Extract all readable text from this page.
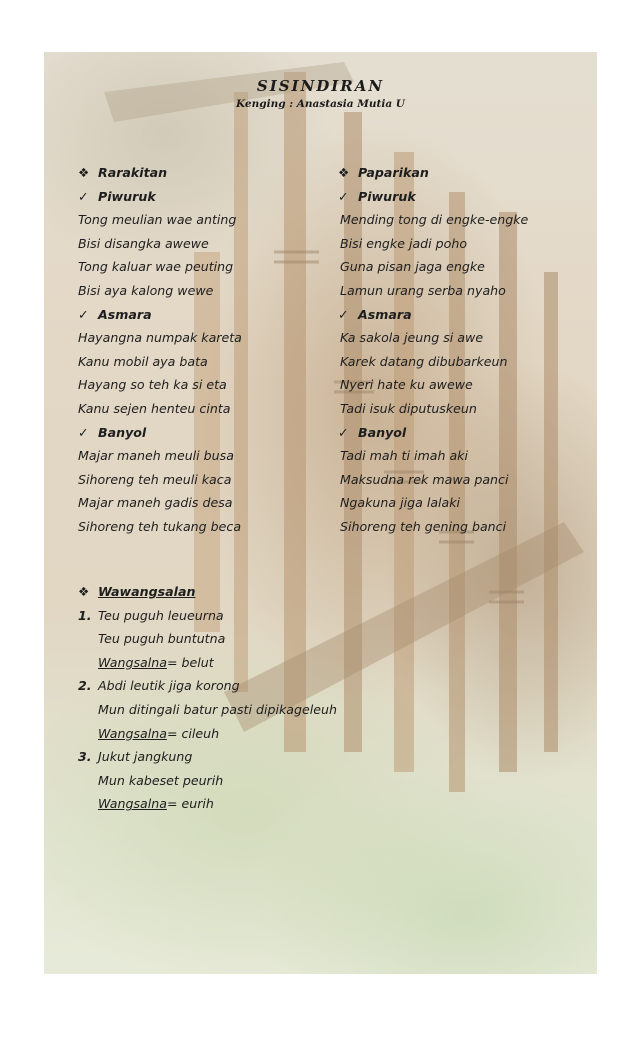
SISINDIRAN
Kenging : Anastasia Mutia U
❖ Rarakitan
✓ Piwuruk
Tong meulian wae anting
Bisi disangka awewe
Tong kaluar wae peuting
Bisi aya kalong wewe
✓ Asmara
Hayangna numpak kareta
Kanu mobil aya bata
Hayang so teh ka si eta
Kanu sejen henteu cinta
✓ Banyol
Majar maneh meuli busa
Sihoreng teh meuli kaca
Majar maneh gadis desa
Sihoreng teh tukang beca
❖ Paparikan
✓ Piwuruk
Mending tong di engke-engke
Bisi engke jadi poho
Guna pisan jaga engke
Lamun urang serba nyaho
✓ Asmara
Ka sakola jeung si awe
Karek datang dibubarkeun
Nyeri hate ku awewe
Tadi isuk diputuskeun
✓ Banyol
Tadi mah ti imah aki
Maksudna rek mawa panci
Ngakuna jiga lalaki
Sihoreng teh gening banci
❖ Wawangsalan
1. Teu puguh leueurna
Teu puguh buntutna
Wangsalna= belut
2. Abdi leutik jiga korong
Mun ditingali batur pasti dipikageleuh
Wangsalna= cileuh
3. Jukut jangkung
Mun kabeset peurih
Wangsalna= eurih
